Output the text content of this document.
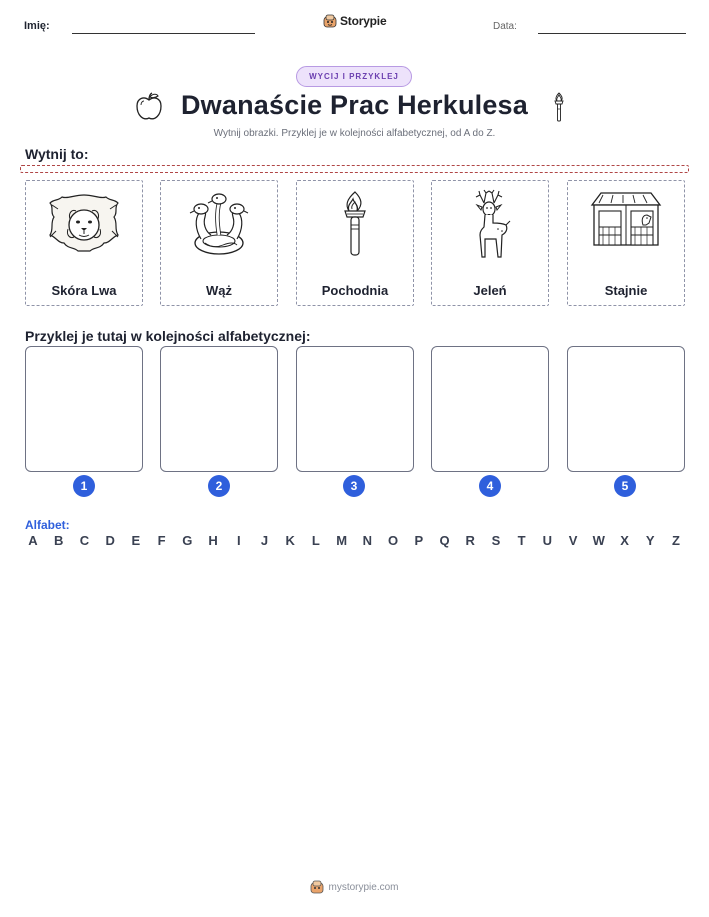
Imię:	Storypie	Data:
WYCIJ I PRZYKLEJ
Dwanaście Prac Herkulesa
Wytnij obrazki. Przyklej je w kolejności alfabetycznej, od A do Z.
Wytnij to:
Skóra Lwa	Wąż	Pochodnia	Jeleń	Stajnie
Przyklej je tutaj w kolejności alfabetycznej:
1	2	3	4	5
Alfabet:
A B C D E	F	G H	I	J	K	L	M N O P Q R S	T	U V W X Y	Z
mystorypie.com
